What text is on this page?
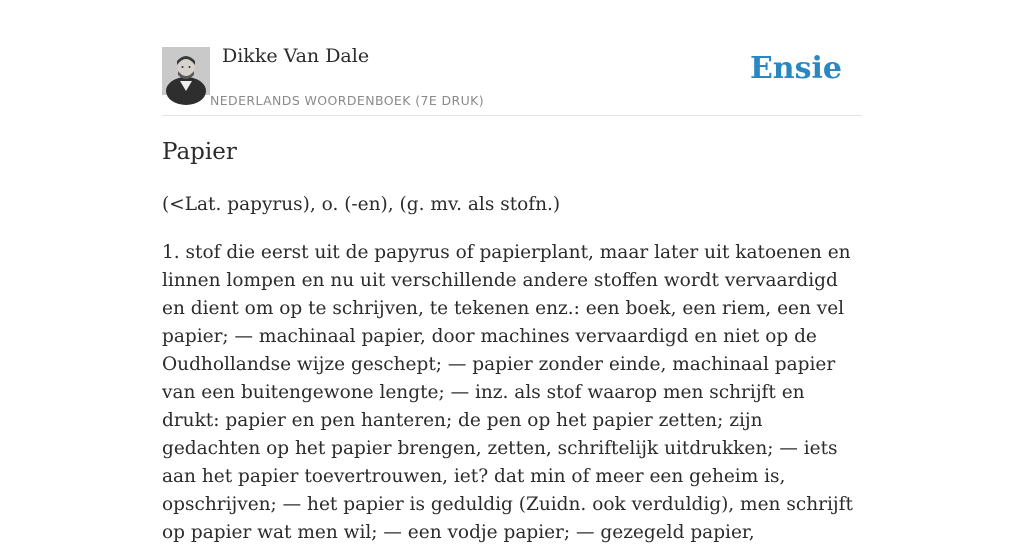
Dikke Van Dale
NEDERLANDS WOORDENBOEK (7E DRUK)
Ensie
Papier
(<Lat. papyrus), o. (-en), (g. mv. als stofn.)

1. stof die eerst uit de papyrus of papierplant, maar later uit katoenen en linnen lompen en nu uit verschillende andere stoffen wordt vervaardigd en dient om op te schrijven, te tekenen enz.: een boek, een riem, een vel papier; — machinaal papier, door machines vervaardigd en niet op de Oudhollandse wijze geschept; — papier zonder einde, machinaal papier van een buitengewone lengte; — inz. als stof waarop men schrijft en drukt: papier en pen hanteren; de pen op het papier zetten; zijn gedachten op het papier brengen, zetten, schriftelijk uitdrukken; — iets aan het papier toevertrouwen, iet? dat min of meer een geheim is, opschrijven; — het papier is geduldig (Zuidn. ook verduldig), men schrijft op papier wat men wil; — een vodje papier; — gezegeld papier,
